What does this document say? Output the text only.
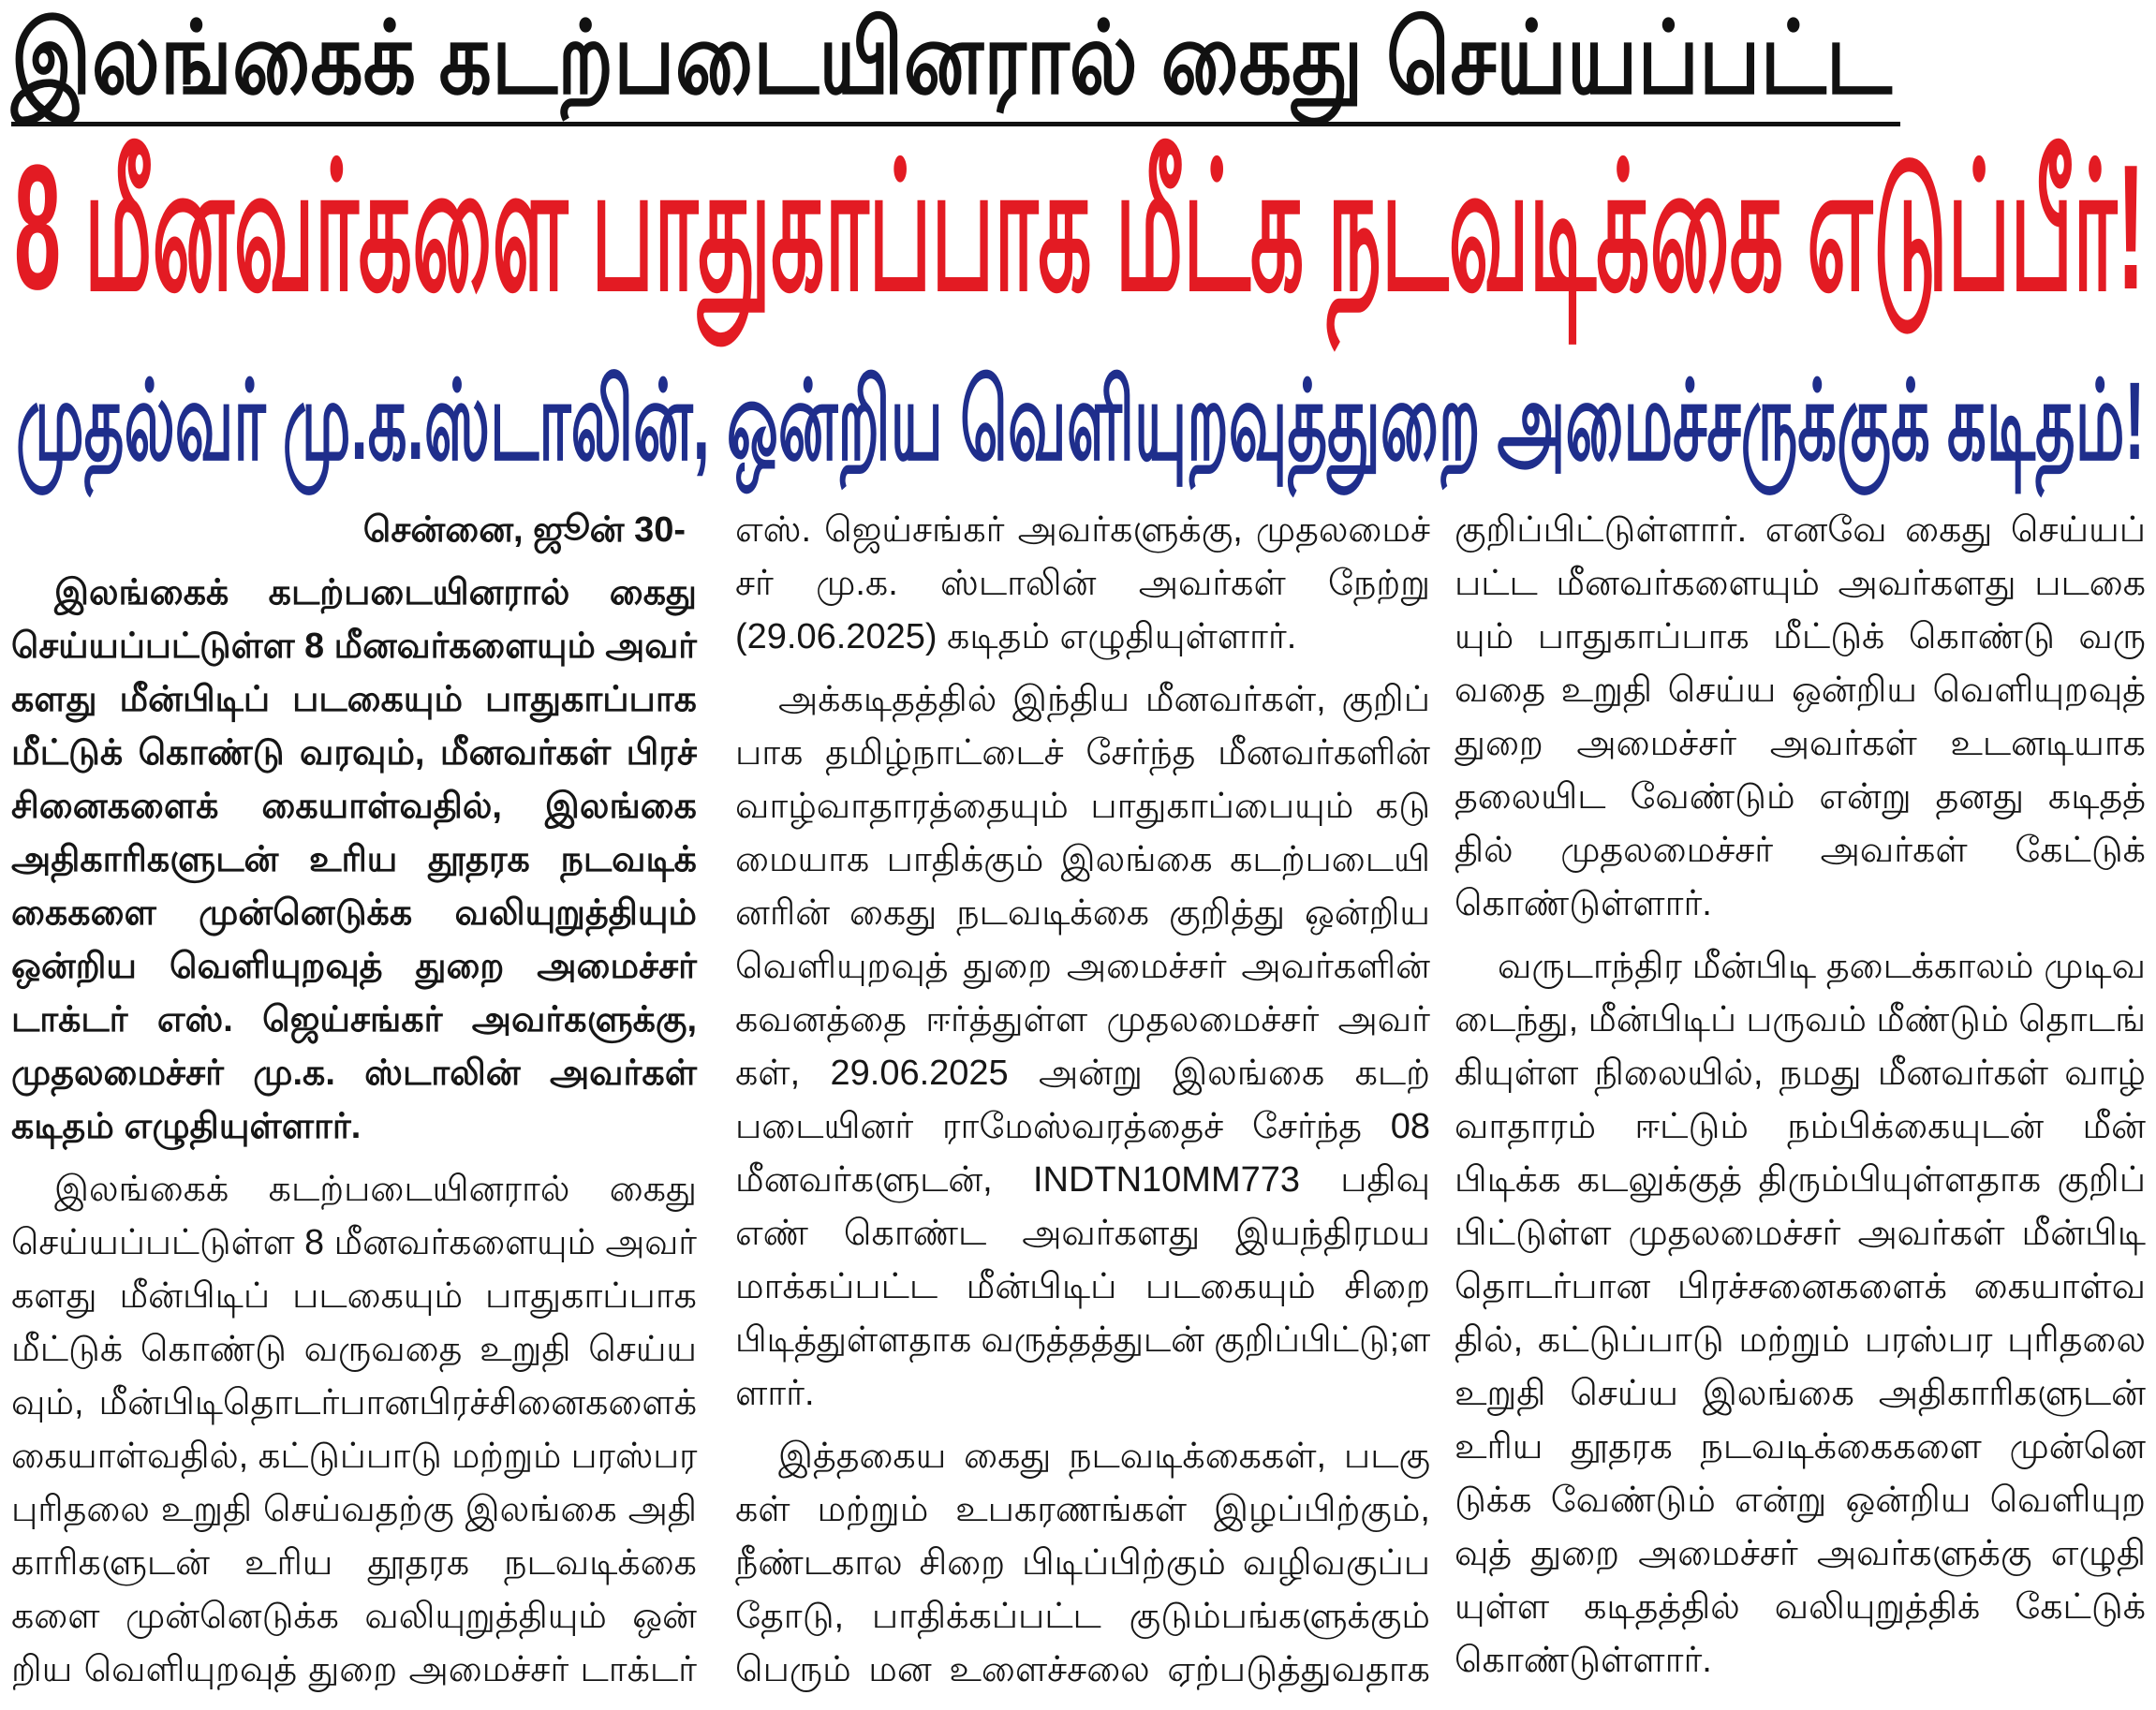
இலங்கைக் கடற்படையினரால் கைது செய்யப்பட்ட
8 மீனவர்களை பாதுகாப்பாக மீட்க நடவடிக்கை எடுப்பீர்!
முதல்வர் மு.க.ஸ்டாலின், ஒன்றிய வெளியுறவுத்துறை அமைச்சருக்குக் கடிதம்!
சென்னை, ஜூன் 30-
இலங்கைக் கடற்படையினரால் கைது
செய்யப்பட்டுள்ள 8 மீனவர்களையும் அவர்
களது மீன்பிடிப் படகையும் பாதுகாப்பாக
மீட்டுக் கொண்டு வரவும், மீனவர்கள் பிரச்
சினைகளைக் கையாள்வதில், இலங்கை
அதிகாரிகளுடன் உரிய தூதரக நடவடிக்
கைகளை முன்னெடுக்க வலியுறுத்தியும்
ஒன்றிய வெளியுறவுத் துறை அமைச்சர்
டாக்டர் எஸ். ஜெய்சங்கர் அவர்களுக்கு,
முதலமைச்சர் மு.க. ஸ்டாலின் அவர்கள்
கடிதம் எழுதியுள்ளார்.
இலங்கைக் கடற்படையினரால் கைது
செய்யப்பட்டுள்ள 8 மீனவர்களையும் அவர்
களது மீன்பிடிப் படகையும் பாதுகாப்பாக
மீட்டுக் கொண்டு வருவதை உறுதி செய்ய
வும், மீன்பிடிதொடர்பானபிரச்சினைகளைக்
கையாள்வதில், கட்டுப்பாடு மற்றும் பரஸ்பர
புரிதலை உறுதி செய்வதற்கு இலங்கை அதி
காரிகளுடன் உரிய தூதரக நடவடிக்கை
களை முன்னெடுக்க வலியுறுத்தியும் ஒன்
றிய வெளியுறவுத் துறை அமைச்சர் டாக்டர்
எஸ். ஜெய்சங்கர் அவர்களுக்கு, முதலமைச்
சர் மு.க. ஸ்டாலின் அவர்கள் நேற்று
(29.06.2025) கடிதம் எழுதியுள்ளார்.
அக்கடிதத்தில் இந்திய மீனவர்கள், குறிப்
பாக தமிழ்நாட்டைச் சேர்ந்த மீனவர்களின்
வாழ்வாதாரத்தையும் பாதுகாப்பையும் கடு
மையாக பாதிக்கும் இலங்கை கடற்படையி
னரின் கைது நடவடிக்கை குறித்து ஒன்றிய
வெளியுறவுத் துறை அமைச்சர் அவர்களின்
கவனத்தை ஈர்த்துள்ள முதலமைச்சர் அவர்
கள், 29.06.2025 அன்று இலங்கை கடற்
படையினர் ராமேஸ்வரத்தைச் சேர்ந்த 08
மீனவர்களுடன், INDTN10MM773 பதிவு
எண் கொண்ட அவர்களது இயந்திரமய
மாக்கப்பட்ட மீன்பிடிப் படகையும் சிறை
பிடித்துள்ளதாக வருத்தத்துடன் குறிப்பிட்டு;ள
ளார்.
இத்தகைய கைது நடவடிக்கைகள், படகு
கள் மற்றும் உபகரணங்கள் இழப்பிற்கும்,
நீண்டகால சிறை பிடிப்பிற்கும் வழிவகுப்ப
தோடு, பாதிக்கப்பட்ட குடும்பங்களுக்கும்
பெரும் மன உளைச்சலை ஏற்படுத்துவதாக
குறிப்பிட்டுள்ளார். எனவே கைது செய்யப்
பட்ட மீனவர்களையும் அவர்களது படகை
யும் பாதுகாப்பாக மீட்டுக் கொண்டு வரு
வதை உறுதி செய்ய ஒன்றிய வெளியுறவுத்
துறை அமைச்சர் அவர்கள் உடனடியாக
தலையிட வேண்டும் என்று தனது கடிதத்
தில் முதலமைச்சர் அவர்கள் கேட்டுக்
கொண்டுள்ளார்.
வருடாந்திர மீன்பிடி தடைக்காலம் முடிவ
டைந்து, மீன்பிடிப் பருவம் மீண்டும் தொடங்
கியுள்ள நிலையில், நமது மீனவர்கள் வாழ்
வாதாரம் ஈட்டும் நம்பிக்கையுடன் மீன்
பிடிக்க கடலுக்குத் திரும்பியுள்ளதாக குறிப்
பிட்டுள்ள முதலமைச்சர் அவர்கள் மீன்பிடி
தொடர்பான பிரச்சனைகளைக் கையாள்வ
தில், கட்டுப்பாடு மற்றும் பரஸ்பர புரிதலை
உறுதி செய்ய இலங்கை அதிகாரிகளுடன்
உரிய தூதரக நடவடிக்கைகளை முன்னெ
டுக்க வேண்டும் என்று ஒன்றிய வெளியுற
வுத் துறை அமைச்சர் அவர்களுக்கு எழுதி
யுள்ள கடிதத்தில் வலியுறுத்திக் கேட்டுக்
கொண்டுள்ளார்.
